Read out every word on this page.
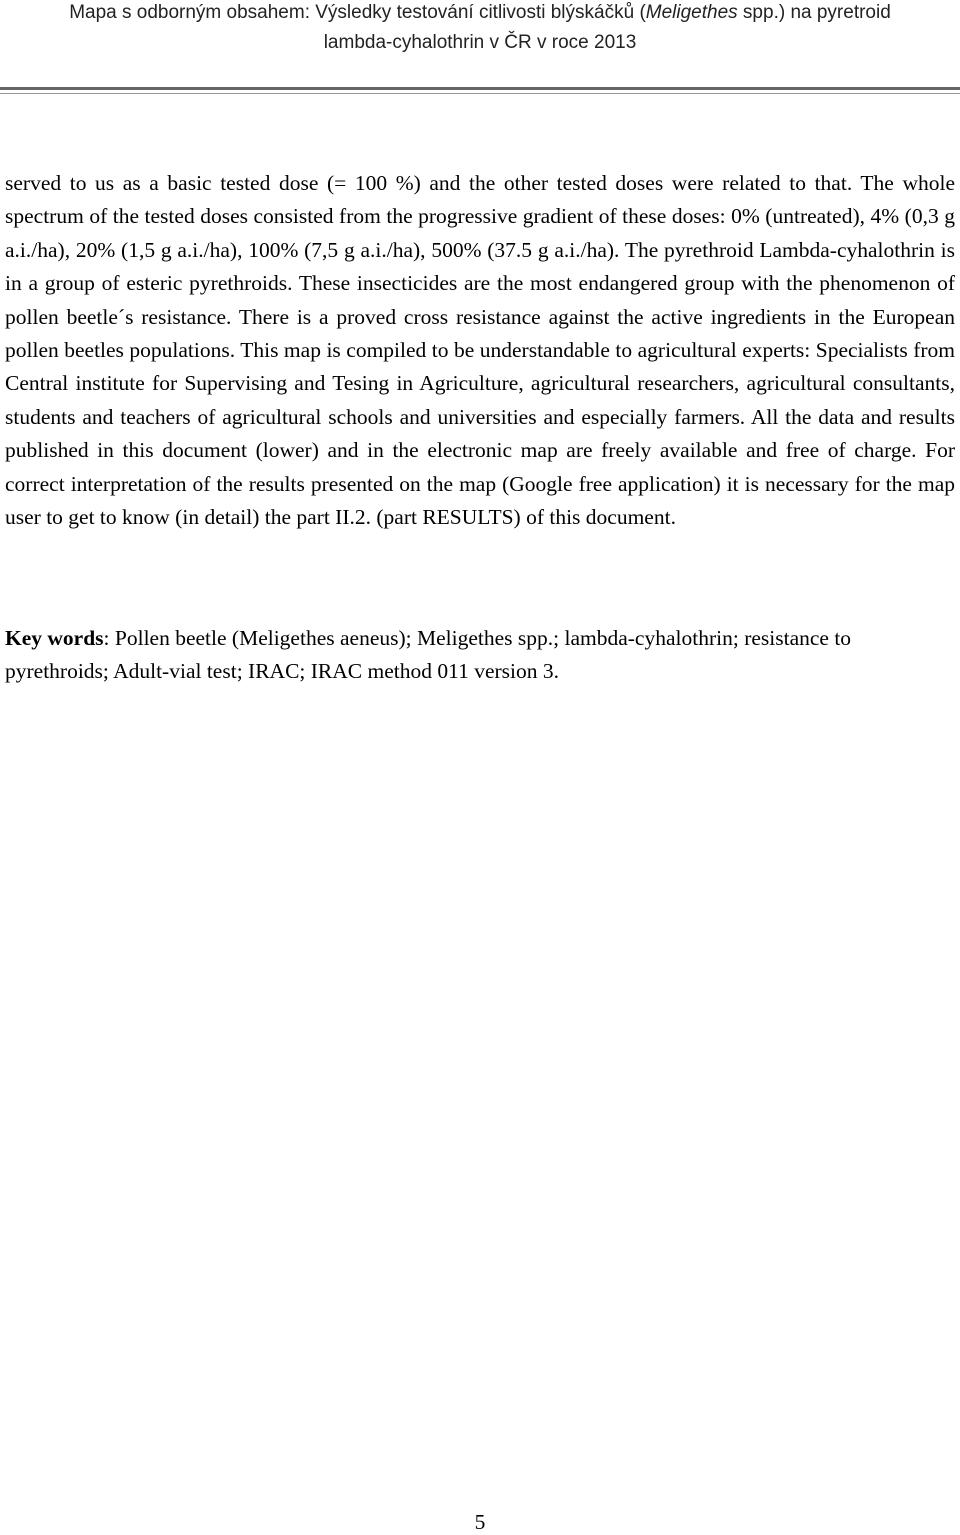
Mapa s odborným obsahem: Výsledky testování citlivosti blýskáčků (Meligethes spp.) na pyretroid
lambda-cyhalothrin v ČR v roce 2013

served to us as a basic tested dose (= 100 %) and the other tested doses were related to that. The whole spectrum of the tested doses consisted from the progressive gradient of these doses: 0% (untreated), 4% (0,3 g a.i./ha), 20% (1,5 g a.i./ha), 100% (7,5 g a.i./ha), 500% (37.5 g a.i./ha). The pyrethroid Lambda-cyhalothrin is in a group of esteric pyrethroids. These insecticides are the most endangered group with the phenomenon of pollen beetle´s resistance. There is a proved cross resistance against the active ingredients in the European pollen beetles populations. This map is compiled to be understandable to agricultural experts: Specialists from Central institute for Supervising and Tesing in Agriculture, agricultural researchers, agricultural consultants, students and teachers of agricultural schools and universities and especially farmers. All the data and results published in this document (lower) and in the electronic map are freely available and free of charge. For correct interpretation of the results presented on the map (Google free application) it is necessary for the map user to get to know (in detail) the part II.2. (part RESULTS) of this document.

Key words: Pollen beetle (Meligethes aeneus); Meligethes spp.; lambda-cyhalothrin; resistance to pyrethroids; Adult-vial test; IRAC; IRAC method 011 version 3.
5
